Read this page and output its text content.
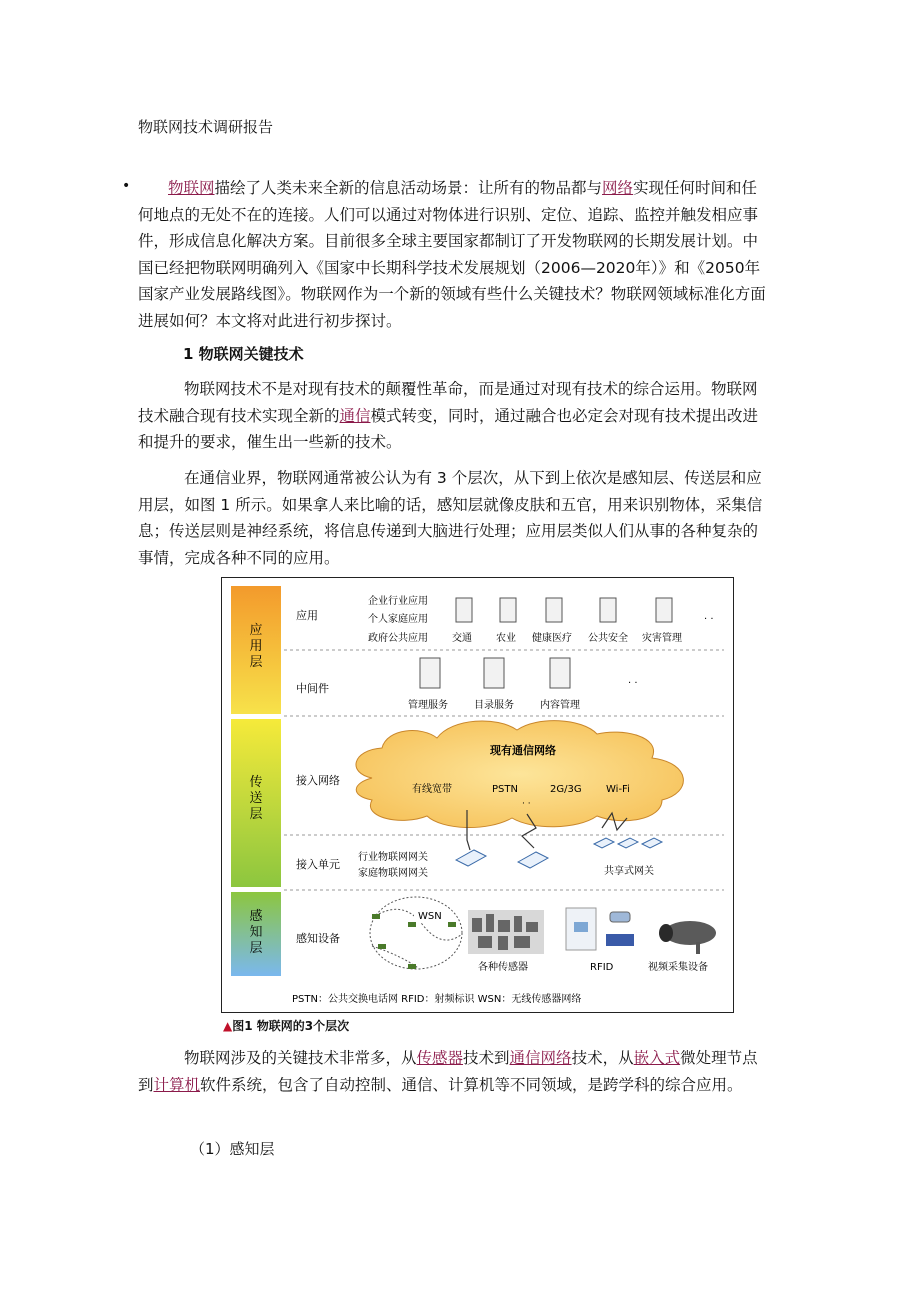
物联网技术调研报告
•	物联网描绘了人类未来全新的信息活动场景：让所有的物品都与网络实现任何时间和任何地点的无处不在的连接。人们可以通过对物体进行识别、定位、追踪、监控并触发相应事件，形成信息化解决方案。目前很多全球主要国家都制订了开发物联网的长期发展计划。中国已经把物联网明确列入《国家中长期科学技术发展规划（2006—2020年）》和《2050年国家产业发展路线图》。物联网作为一个新的领域有些什么关键技术？物联网领域标准化方面进展如何？本文将对此进行初步探讨。

1 物联网关键技术

物联网技术不是对现有技术的颠覆性革命，而是通过对现有技术的综合运用。物联网技术融合现有技术实现全新的通信模式转变，同时，通过融合也必定会对现有技术提出改进和提升的要求，催生出一些新的技术。

在通信业界，物联网通常被公认为有 3 个层次，从下到上依次是感知层、传送层和应用层，如图 1 所示。如果拿人来比喻的话，感知层就像皮肤和五官，用来识别物体，采集信息；传送层则是神经系统，将信息传递到大脑进行处理；应用层类似人们从事的各种复杂的事情，完成各种不同的应用。

应用层
传送层
感知层
应用
中间件
接入网络
接入单元
感知设备
企业行业应用
个人家庭应用
政府公共应用 交通 农业 健康医疗 公共安全 灾害管理
· ·
管理服务	目录服务	内容管理
· ·
现有通信网络
有线宽带	PSTN	2G/3G Wi-Fi
· ·
行业物联网网关
家庭物联网网关	共享式网关
WSN
各种传感器	RFID	视频采集设备
PSTN：公共交换电话网 RFID：射频标识 WSN：无线传感器网络
▲图1 物联网的3个层次

物联网涉及的关键技术非常多，从传感器技术到通信网络技术，从嵌入式微处理节点到计算机软件系统，包含了自动控制、通信、计算机等不同领域，是跨学科的综合应用。

（1）感知层
